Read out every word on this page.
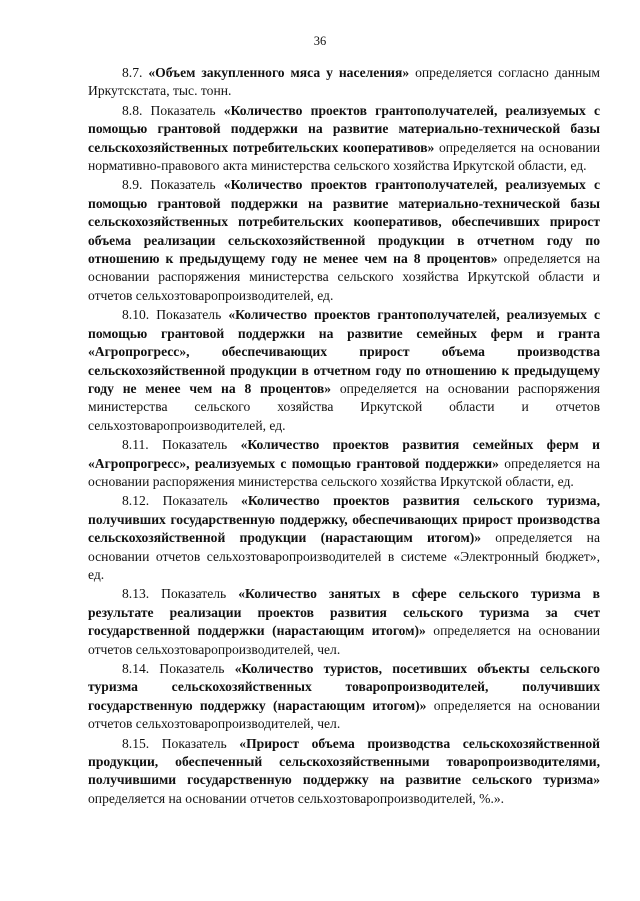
36

8.7. «Объем закупленного мяса у населения» определяется согласно данным Иркутскстата, тыс. тонн.

8.8. Показатель «Количество проектов грантополучателей, реализуемых с помощью грантовой поддержки на развитие материально-технической базы сельскохозяйственных потребительских кооперативов» определяется на основании нормативно-правового акта министерства сельского хозяйства Иркутской области, ед.

8.9. Показатель «Количество проектов грантополучателей, реализуемых с помощью грантовой поддержки на развитие материально-технической базы сельскохозяйственных потребительских кооперативов, обеспечивших прирост объема реализации сельскохозяйственной продукции в отчетном году по отношению к предыдущему году не менее чем на 8 процентов» определяется на основании распоряжения министерства сельского хозяйства Иркутской области и отчетов сельхозтоваропроизводителей, ед.

8.10. Показатель «Количество проектов грантополучателей, реализуемых с помощью грантовой поддержки на развитие семейных ферм и гранта «Агропрогресс», обеспечивающих прирост объема производства сельскохозяйственной продукции в отчетном году по отношению к предыдущему году не менее чем на 8 процентов» определяется на основании распоряжения министерства сельского хозяйства Иркутской области и отчетов сельхозтоваропроизводителей, ед.

8.11. Показатель «Количество проектов развития семейных ферм и «Агропрогресс», реализуемых с помощью грантовой поддержки» определяется на основании распоряжения министерства сельского хозяйства Иркутской области, ед.

8.12. Показатель «Количество проектов развития сельского туризма, получивших государственную поддержку, обеспечивающих прирост производства сельскохозяйственной продукции (нарастающим итогом)» определяется на основании отчетов сельхозтоваропроизводителей в системе «Электронный бюджет», ед.

8.13. Показатель «Количество занятых в сфере сельского туризма в результате реализации проектов развития сельского туризма за счет государственной поддержки (нарастающим итогом)» определяется на основании отчетов сельхозтоваропроизводителей, чел.

8.14. Показатель «Количество туристов, посетивших объекты сельского туризма сельскохозяйственных товаропроизводителей, получивших государственную поддержку (нарастающим итогом)» определяется на основании отчетов сельхозтоваропроизводителей, чел.

8.15. Показатель «Прирост объема производства сельскохозяйственной продукции, обеспеченный сельскохозяйственными товаропроизводителями, получившими государственную поддержку на развитие сельского туризма» определяется на основании отчетов сельхозтоваропроизводителей, %.».
